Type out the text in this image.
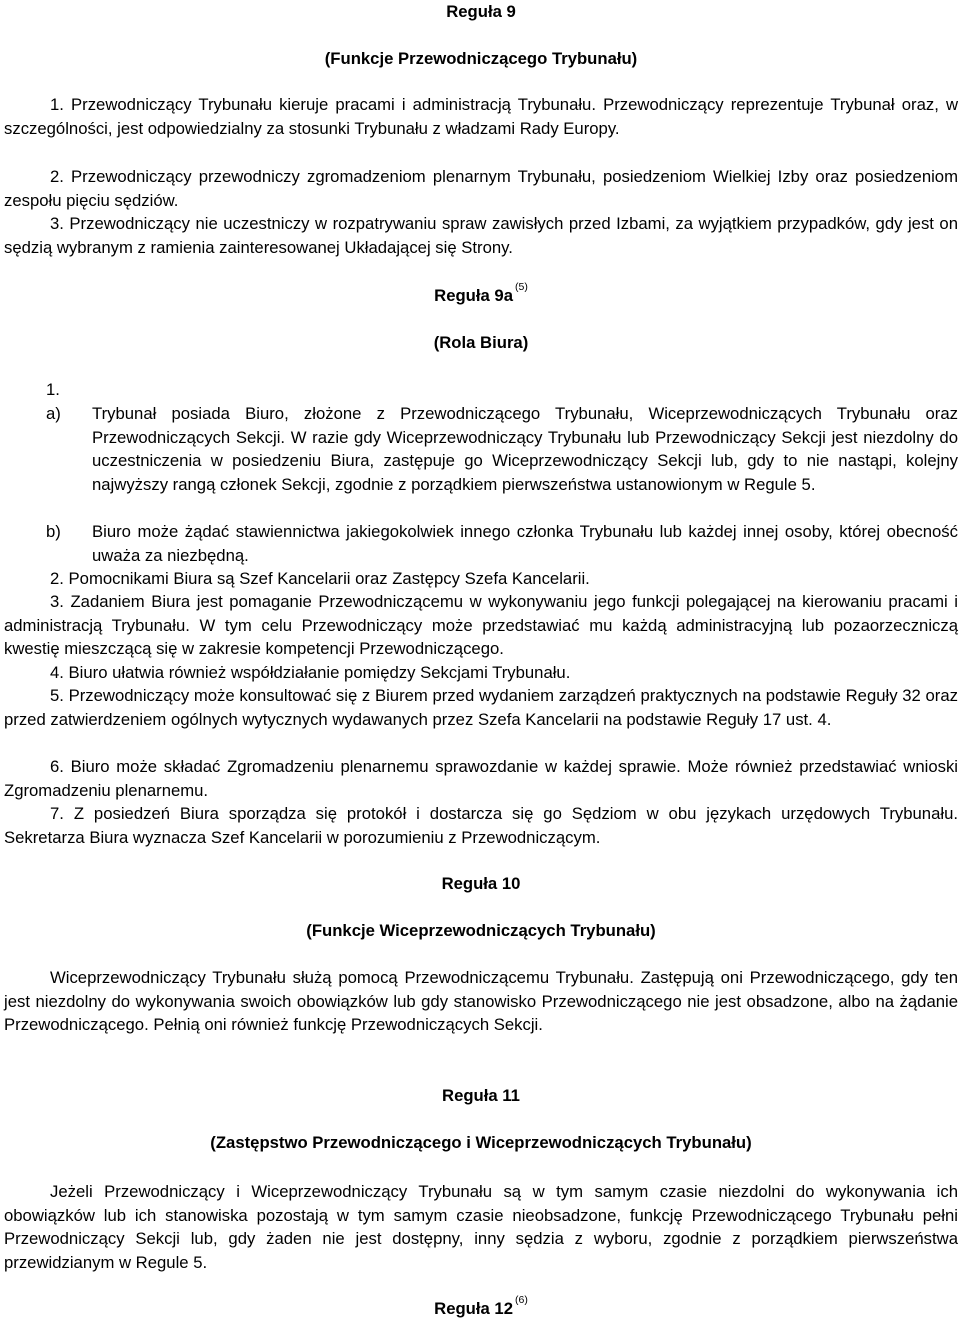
Reguła 9

(Funkcje Przewodniczącego Trybunału)

1. Przewodniczący Trybunału kieruje pracami i administracją Trybunału. Przewodniczący reprezentuje Trybunał oraz, w szczególności, jest odpowiedzialny za stosunki Trybunału z władzami Rady Europy.

2. Przewodniczący przewodniczy zgromadzeniom plenarnym Trybunału, posiedzeniom Wielkiej Izby oraz posiedzeniom zespołu pięciu sędziów.

3. Przewodniczący nie uczestniczy w rozpatrywaniu spraw zawisłych przed Izbami, za wyjątkiem przypadków, gdy jest on sędzią wybranym z ramienia zainteresowanej Układającej się Strony.

Reguła 9a $^{(5)}$

(Rola Biura)

1.

a)	Trybunał posiada Biuro, złożone z Przewodniczącego Trybunału, Wiceprzewodniczących Trybunału oraz Przewodniczących Sekcji. W razie gdy Wiceprzewodniczący Trybunału lub Przewodniczący Sekcji jest niezdolny do uczestniczenia w posiedzeniu Biura, zastępuje go Wiceprzewodniczący Sekcji lub, gdy to nie nastąpi, kolejny najwyższy rangą członek Sekcji, zgodnie z porządkiem pierwszeństwa ustanowionym w Regule 5.
b)	Biuro może żądać stawiennictwa jakiegokolwiek innego członka Trybunału lub każdej innej osoby, której obecność uważa za niezbędną.

2. Pomocnikami Biura są Szef Kancelarii oraz Zastępcy Szefa Kancelarii.

3. Zadaniem Biura jest pomaganie Przewodniczącemu w wykonywaniu jego funkcji polegającej na kierowaniu pracami i administracją Trybunału. W tym celu Przewodniczący może przedstawiać mu każdą administracyjną lub pozaorzeczniczą kwestię mieszczącą się w zakresie kompetencji Przewodniczącego.

4. Biuro ułatwia również współdziałanie pomiędzy Sekcjami Trybunału.

5. Przewodniczący może konsultować się z Biurem przed wydaniem zarządzeń praktycznych na podstawie Reguły 32 oraz przed zatwierdzeniem ogólnych wytycznych wydawanych przez Szefa Kancelarii na podstawie Reguły 17 ust. 4.

6. Biuro może składać Zgromadzeniu plenarnemu sprawozdanie w każdej sprawie. Może również przedstawiać wnioski Zgromadzeniu plenarnemu.

7. Z posiedzeń Biura sporządza się protokół i dostarcza się go Sędziom w obu językach urzędowych Trybunału. Sekretarza Biura wyznacza Szef Kancelarii w porozumieniu z Przewodniczącym.

Reguła 10

(Funkcje Wiceprzewodniczących Trybunału)

Wiceprzewodniczący Trybunału służą pomocą Przewodniczącemu Trybunału. Zastępują oni Przewodniczącego, gdy ten jest niezdolny do wykonywania swoich obowiązków lub gdy stanowisko Przewodniczącego nie jest obsadzone, albo na żądanie Przewodniczącego. Pełnią oni również funkcję Przewodniczących Sekcji.

Reguła 11

(Zastępstwo Przewodniczącego i Wiceprzewodniczących Trybunału)

Jeżeli Przewodniczący i Wiceprzewodniczący Trybunału są w tym samym czasie niezdolni do wykonywania ich obowiązków lub ich stanowiska pozostają w tym samym czasie nieobsadzone, funkcję Przewodniczącego Trybunału pełni Przewodniczący Sekcji lub, gdy żaden nie jest dostępny, inny sędzia z wyboru, zgodnie z porządkiem pierwszeństwa przewidzianym w Regule 5.

Reguła 12 $^{(6)}$
